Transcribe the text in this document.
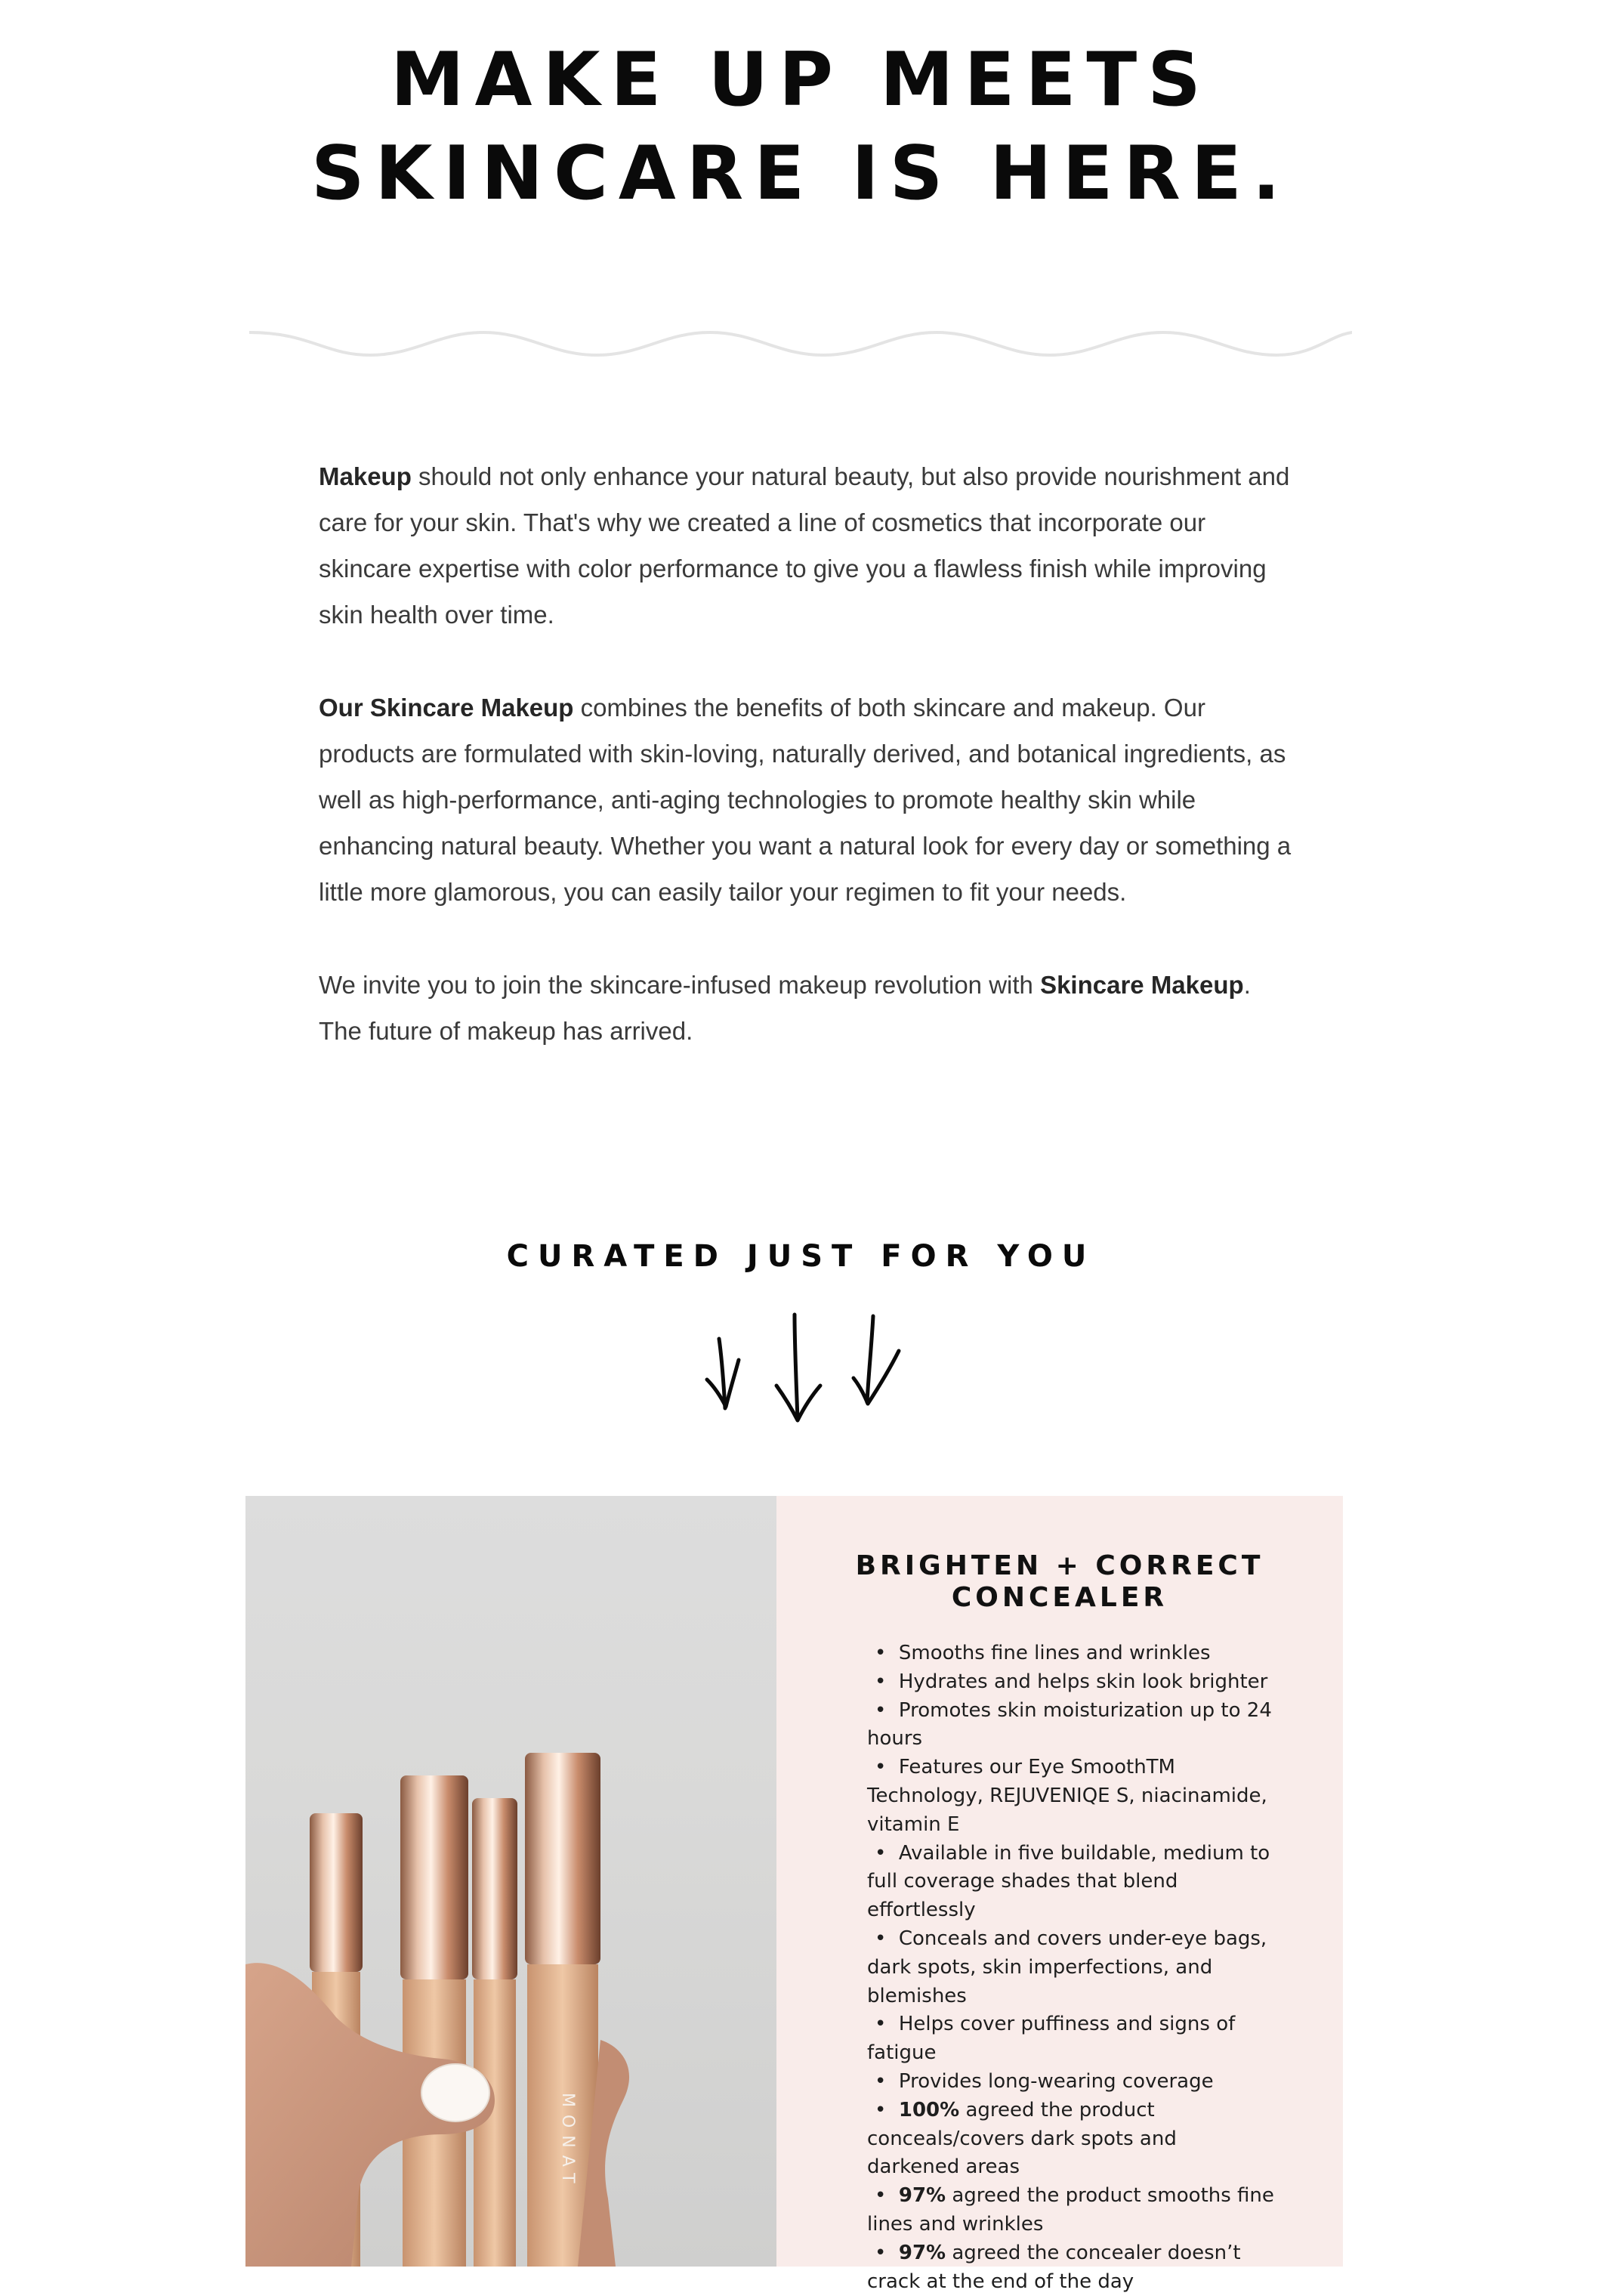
MAKE UP MEETS
SKINCARE IS HERE.

Makeup should not only enhance your natural beauty, but also provide nourishment and care for your skin. That's why we created a line of cosmetics that incorporate our skincare expertise with color performance to give you a flawless finish while improving skin health over time.

Our Skincare Makeup combines the benefits of both skincare and makeup. Our products are formulated with skin-loving, naturally derived, and botanical ingredients, as well as high-performance, anti-aging technologies to promote healthy skin while enhancing natural beauty. Whether you want a natural look for every day or something a little more glamorous, you can easily tailor your regimen to fit your needs.

We invite you to join the skincare-infused makeup revolution with Skincare Makeup. The future of makeup has arrived.

CURATED JUST FOR YOU
MONAT
BRIGHTEN + CORRECT
CONCEALER
•  Smooths fine lines and wrinkles
•  Hydrates and helps skin look brighter
•  Promotes skin moisturization up to 24 hours
•  Features our Eye SmoothTM Technology, REJUVENIQE S, niacinamide, vitamin E
•  Available in five buildable, medium to full coverage shades that blend effortlessly
•  Conceals and covers under-eye bags, dark spots, skin imperfections, and blemishes
•  Helps cover puffiness and signs of fatigue
•  Provides long-wearing coverage
•  100% agreed the product conceals/covers dark spots and darkened areas
•  97% agreed the product smooths fine lines and wrinkles
•  97% agreed the concealer doesn’t crack at the end of the day
